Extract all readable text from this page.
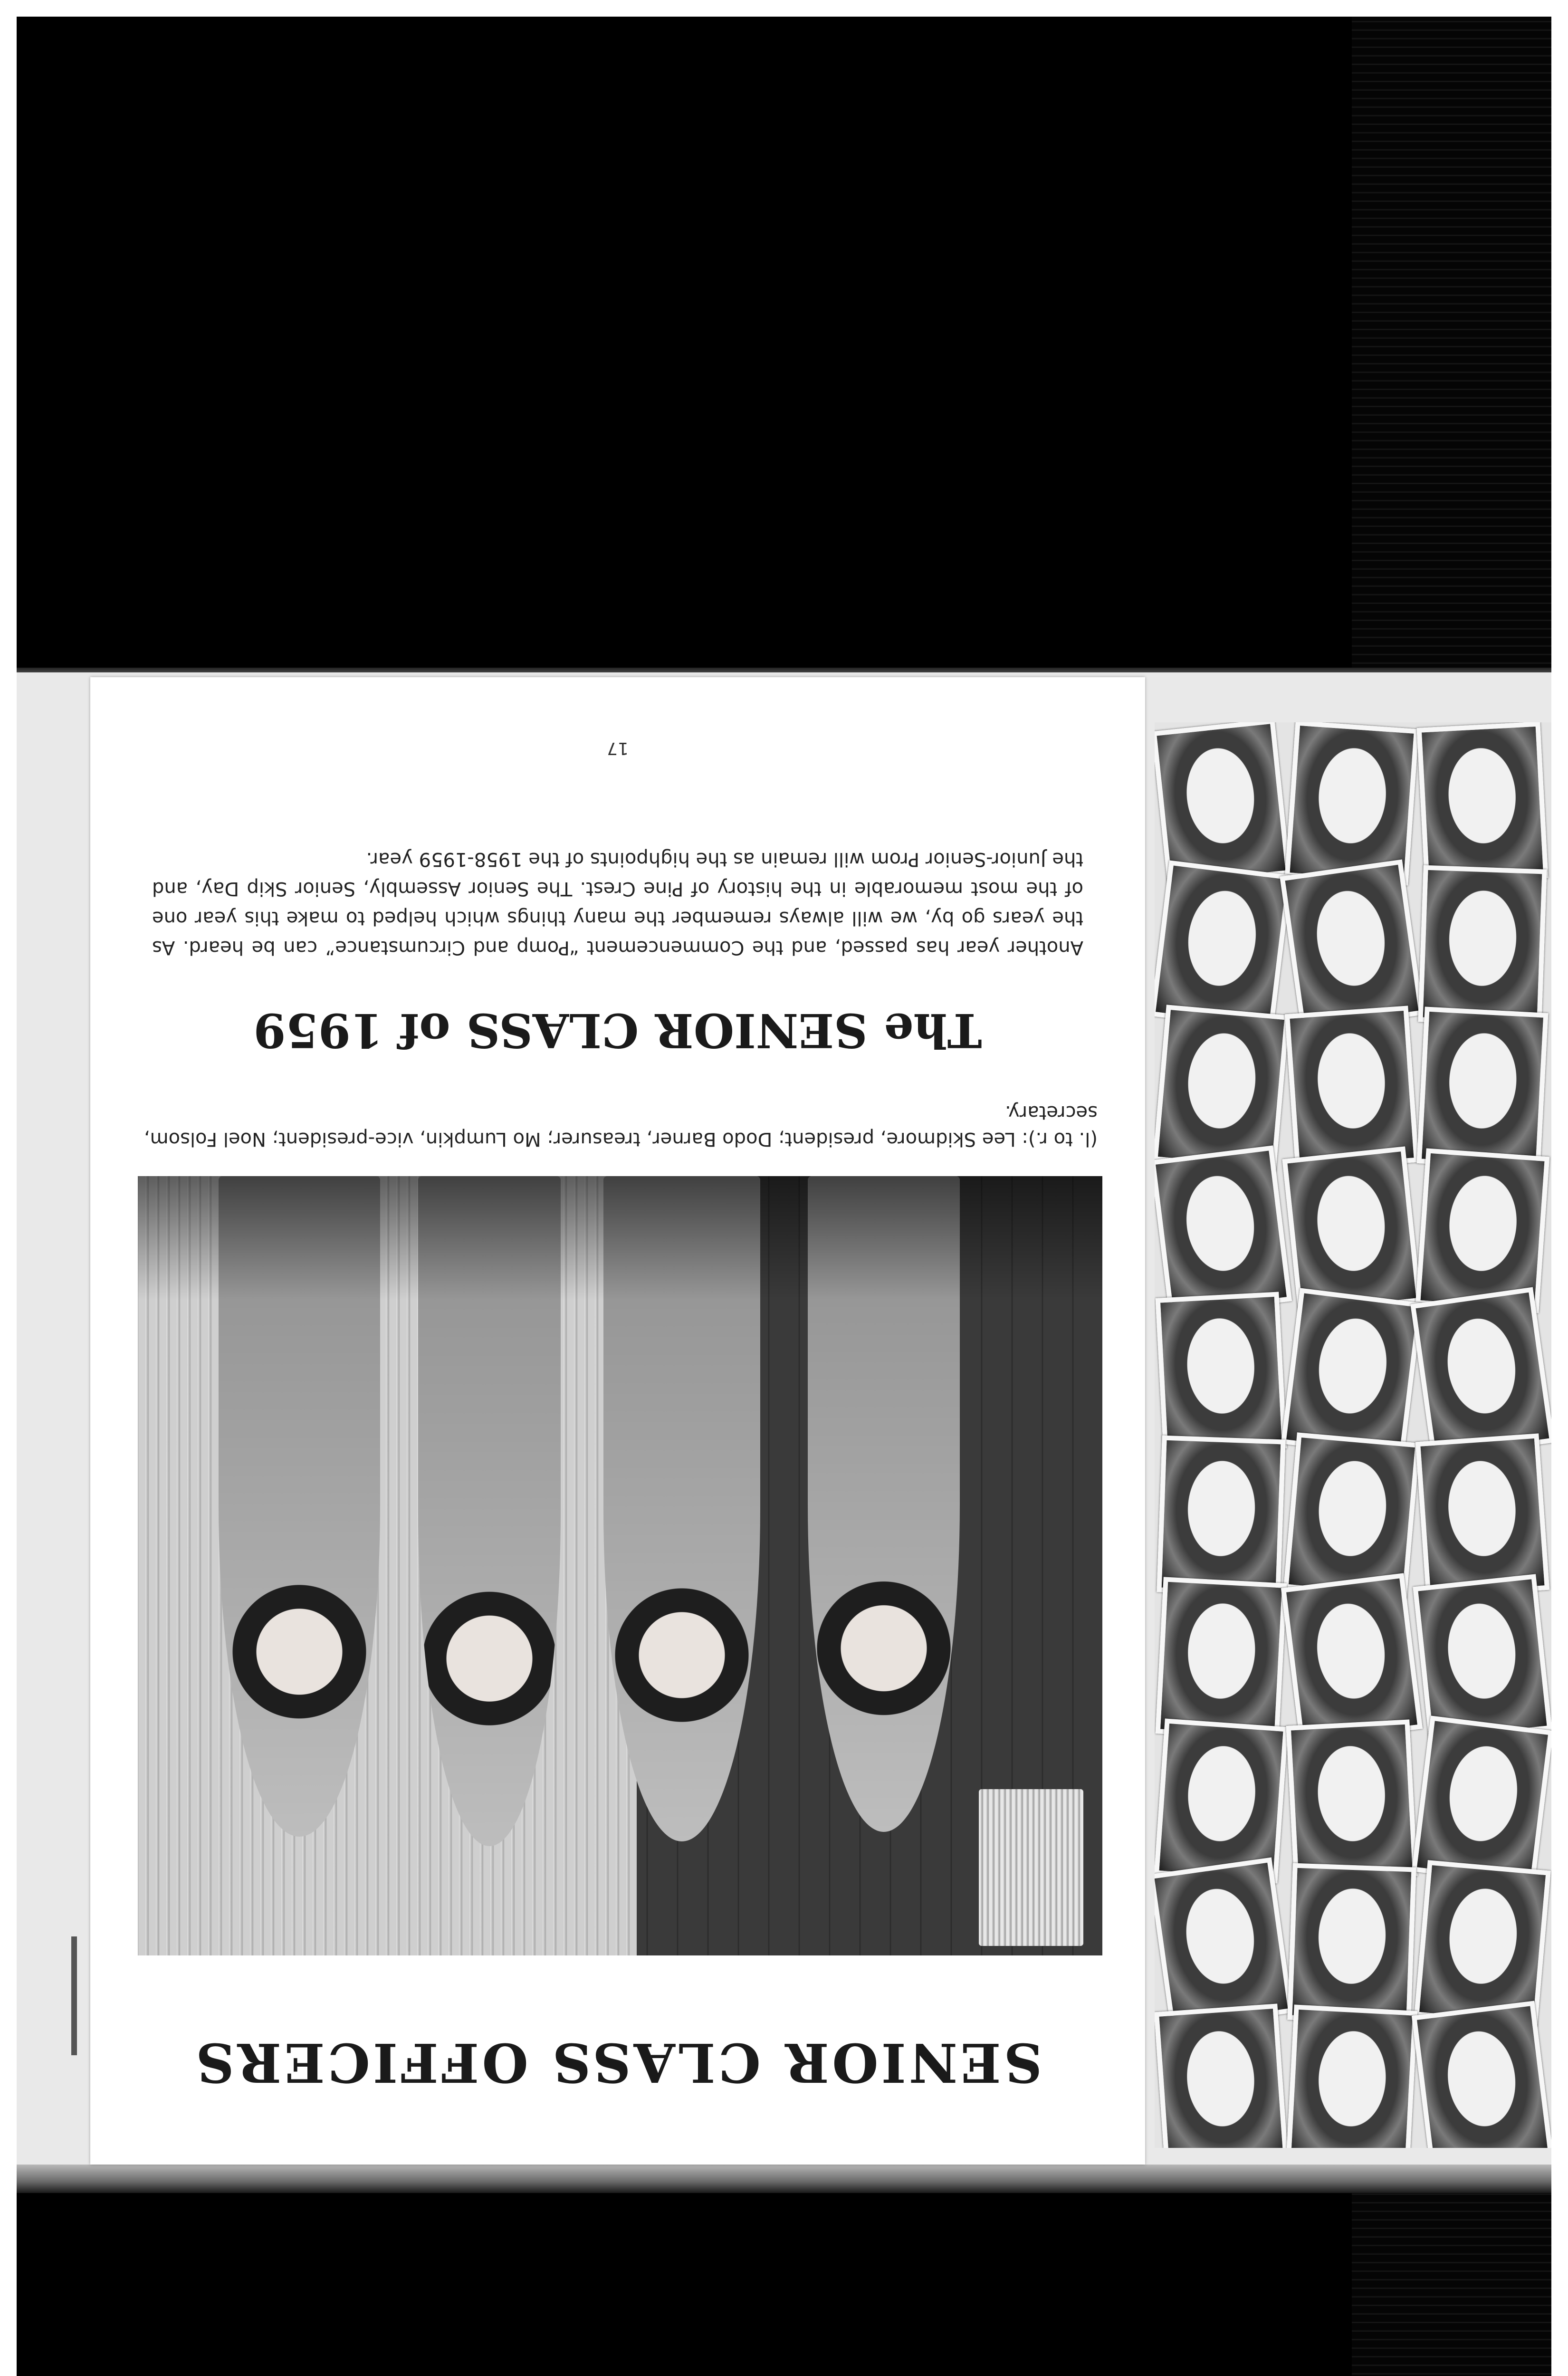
SENIOR CLASS OFFICERS

(l. to r.): Lee Skidmore, president; Dodo Barner, treasurer; Mo Lumpkin, vice-president; Noel Folsom, secretary.

The SENIOR CLASS of 1959

Another year has passed, and the Commencement “Pomp and Circumstance” can be heard. As the years go by, we will always remember the many things which helped to make this year one of the most memorable in the history of Pine Crest. The Senior Assembly, Senior Skip Day, and the Junior-Senior Prom will remain as the highpoints of the 1958-1959 year.

17
